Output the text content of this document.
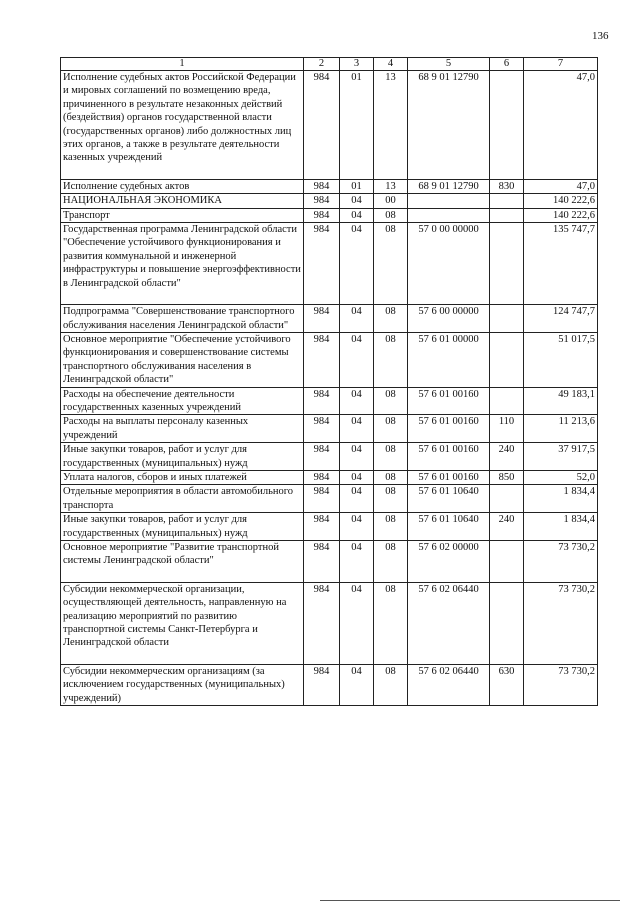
136
1	2	3	4	5	6	7
Исполнение судебных актов Российской Федерации и мировых соглашений по возмещению вреда, причиненного в результате незаконных действий (бездействия) органов государственной власти (государственных органов) либо должностных лиц этих органов, а также в результате деятельности казенных учреждений	984	01	13	68 9 01 12790		47,0
Исполнение судебных актов	984	01	13	68 9 01 12790	830	47,0
НАЦИОНАЛЬНАЯ ЭКОНОМИКА	984	04	00			140 222,6
Транспорт	984	04	08			140 222,6
Государственная программа Ленинградской области "Обеспечение устойчивого функционирования и развития коммунальной и инженерной инфраструктуры и повышение энергоэффективности в Ленинградской области"	984	04	08	57 0 00 00000		135 747,7
Подпрограмма "Совершенствование транспортного обслуживания населения Ленинградской области"	984	04	08	57 6 00 00000		124 747,7
Основное мероприятие "Обеспечение устойчивого функционирования и совершенствование системы транспортного обслуживания населения в Ленинградской области"	984	04	08	57 6 01 00000		51 017,5
Расходы на обеспечение деятельности государственных казенных учреждений	984	04	08	57 6 01 00160		49 183,1
Расходы на выплаты персоналу казенных учреждений	984	04	08	57 6 01 00160	110	11 213,6
Иные закупки товаров, работ и услуг для государственных (муниципальных) нужд	984	04	08	57 6 01 00160	240	37 917,5
Уплата налогов, сборов и иных платежей	984	04	08	57 6 01 00160	850	52,0
Отдельные мероприятия в области автомобильного транспорта	984	04	08	57 6 01 10640		1 834,4
Иные закупки товаров, работ и услуг для государственных (муниципальных) нужд	984	04	08	57 6 01 10640	240	1 834,4
Основное мероприятие "Развитие транспортной системы Ленинградской области"	984	04	08	57 6 02 00000		73 730,2
Субсидии некоммерческой организации, осуществляющей деятельность, направленную на реализацию мероприятий по развитию транспортной системы Санкт-Петербурга и Ленинградской области	984	04	08	57 6 02 06440		73 730,2
Субсидии некоммерческим организациям (за исключением государственных (муниципальных) учреждений)	984	04	08	57 6 02 06440	630	73 730,2
